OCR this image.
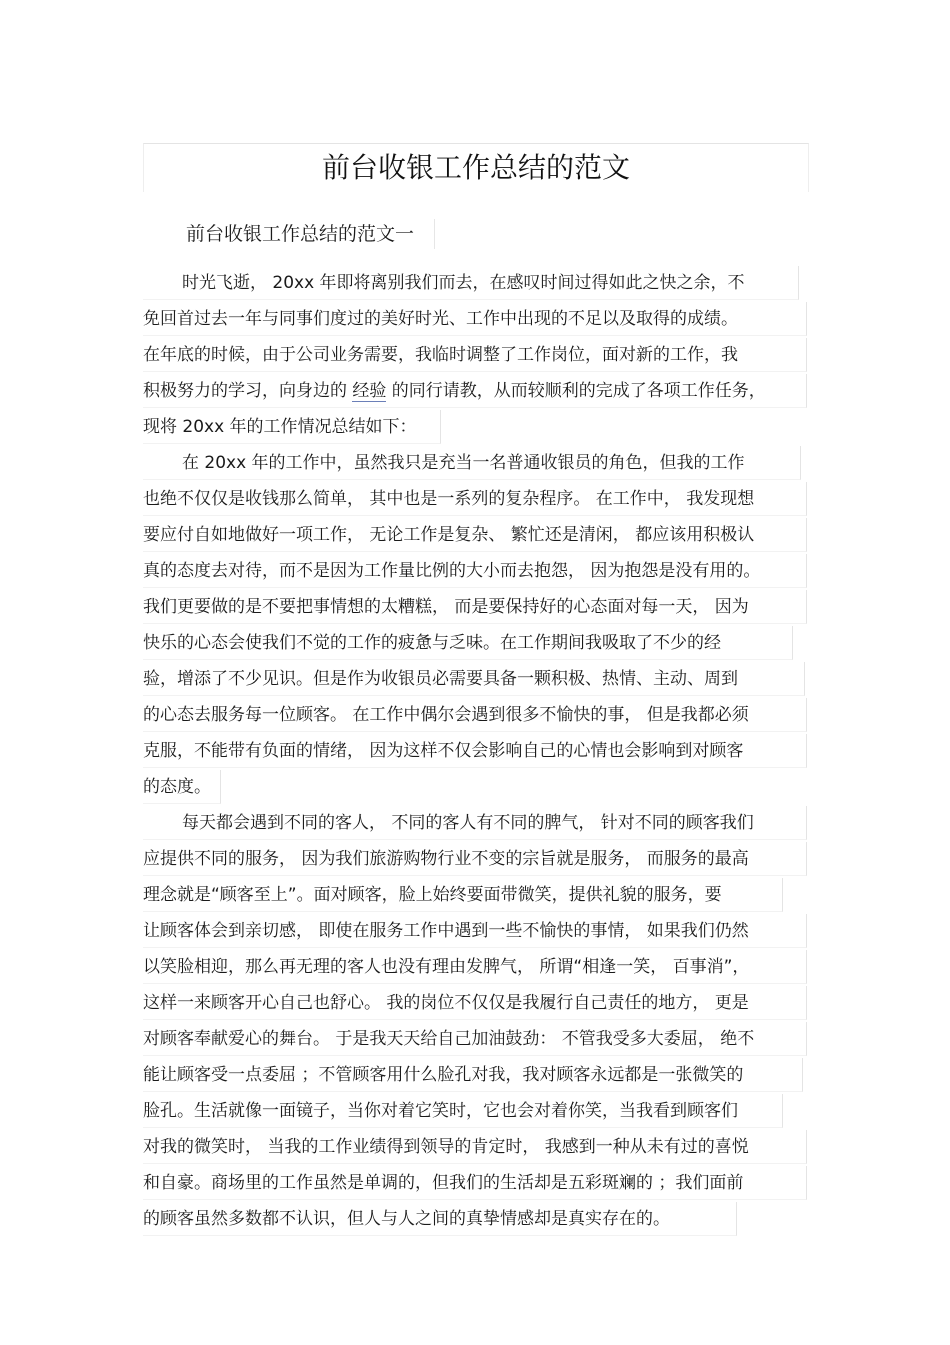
前台收银工作总结的范文
前台收银工作总结的范文一
时光飞逝， 20xx 年即将离别我们而去，在感叹时间过得如此之快之余，不
免回首过去一年与同事们度过的美好时光、工作中出现的不足以及取得的成绩。
在年底的时候，由于公司业务需要，我临时调整了工作岗位，面对新的工作，我
积极努力的学习，向身边的 经验 的同行请教，从而较顺利的完成了各项工作任务，
现将 20xx 年的工作情况总结如下：
在 20xx 年的工作中，虽然我只是充当一名普通收银员的角色，但我的工作
也绝不仅仅是收钱那么简单， 其中也是一系列的复杂程序。 在工作中， 我发现想
要应付自如地做好一项工作， 无论工作是复杂、 繁忙还是清闲， 都应该用积极认
真的态度去对待，而不是因为工作量比例的大小而去抱怨， 因为抱怨是没有用的。
我们更要做的是不要把事情想的太糟糕， 而是要保持好的心态面对每一天， 因为
快乐的心态会使我们不觉的工作的疲惫与乏味。在工作期间我吸取了不少的经
验，增添了不少见识。但是作为收银员必需要具备一颗积极、热情、主动、周到
的心态去服务每一位顾客。 在工作中偶尔会遇到很多不愉快的事， 但是我都必须
克服，不能带有负面的情绪， 因为这样不仅会影响自己的心情也会影响到对顾客
的态度。
每天都会遇到不同的客人， 不同的客人有不同的脾气， 针对不同的顾客我们
应提供不同的服务， 因为我们旅游购物行业不变的宗旨就是服务， 而服务的最高
理念就是“顾客至上”。面对顾客，脸上始终要面带微笑，提供礼貌的服务，要
让顾客体会到亲切感， 即使在服务工作中遇到一些不愉快的事情， 如果我们仍然
以笑脸相迎，那么再无理的客人也没有理由发脾气， 所谓“相逢一笑， 百事消”，
这样一来顾客开心自己也舒心。 我的岗位不仅仅是我履行自己责任的地方， 更是
对顾客奉献爱心的舞台。 于是我天天给自己加油鼓劲： 不管我受多大委屈， 绝不
能让顾客受一点委屈 ；不管顾客用什么脸孔对我，我对顾客永远都是一张微笑的
脸孔。生活就像一面镜子，当你对着它笑时，它也会对着你笑，当我看到顾客们
对我的微笑时， 当我的工作业绩得到领导的肯定时， 我感到一种从未有过的喜悦
和自豪。商场里的工作虽然是单调的，但我们的生活却是五彩斑斓的 ；我们面前
的顾客虽然多数都不认识，但人与人之间的真挚情感却是真实存在的。
